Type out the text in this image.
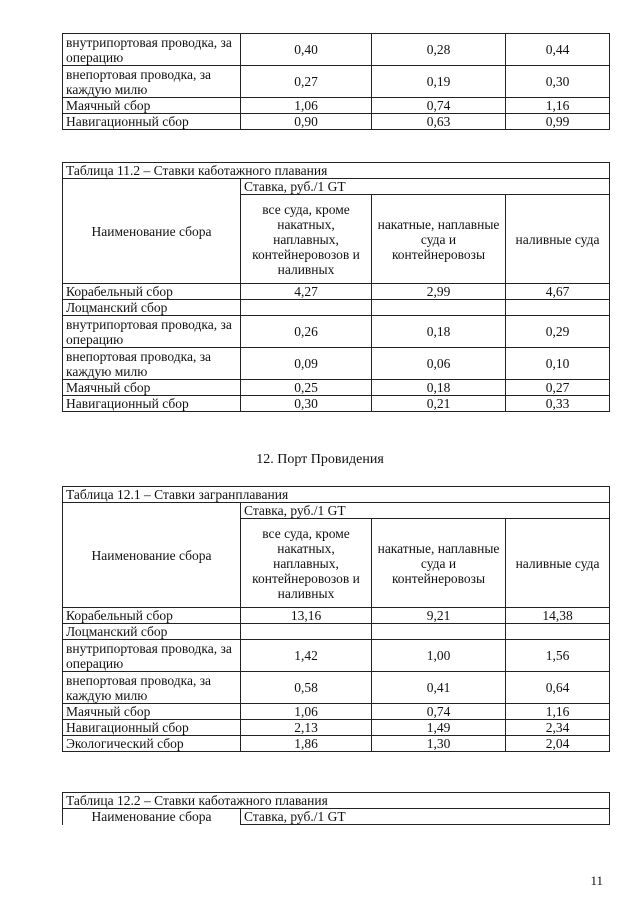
внутрипортовая проводка, за операцию	0,40	0,28	0,44
внепортовая проводка, за каждую милю	0,27	0,19	0,30
Маячный сбор	1,06	0,74	1,16
Навигационный сбор	0,90	0,63	0,99
Таблица 11.2 – Ставки каботажного плавания			
Наименование сбора	Ставка, руб./1 GT		
	все суда, кроме накатных, наплавных, контейнеровозов и наливных	накатные, наплавные суда и контейнеровозы	наливные суда
Корабельный сбор	4,27	2,99	4,67
Лоцманский сбор			
внутрипортовая проводка, за операцию	0,26	0,18	0,29
внепортовая проводка, за каждую милю	0,09	0,06	0,10
Маячный сбор	0,25	0,18	0,27
Навигационный сбор	0,30	0,21	0,33
12. Порт Провидения
Таблица 12.1 – Ставки загранплавания			
Наименование сбора	Ставка, руб./1 GT		
	все суда, кроме накатных, наплавных, контейнеровозов и наливных	накатные, наплавные суда и контейнеровозы	наливные суда
Корабельный сбор	13,16	9,21	14,38
Лоцманский сбор			
внутрипортовая проводка, за операцию	1,42	1,00	1,56
внепортовая проводка, за каждую милю	0,58	0,41	0,64
Маячный сбор	1,06	0,74	1,16
Навигационный сбор	2,13	1,49	2,34
Экологический сбор	1,86	1,30	2,04
Таблица 12.2 – Ставки каботажного плавания
Наименование сбора	Ставка, руб./1 GT
11
